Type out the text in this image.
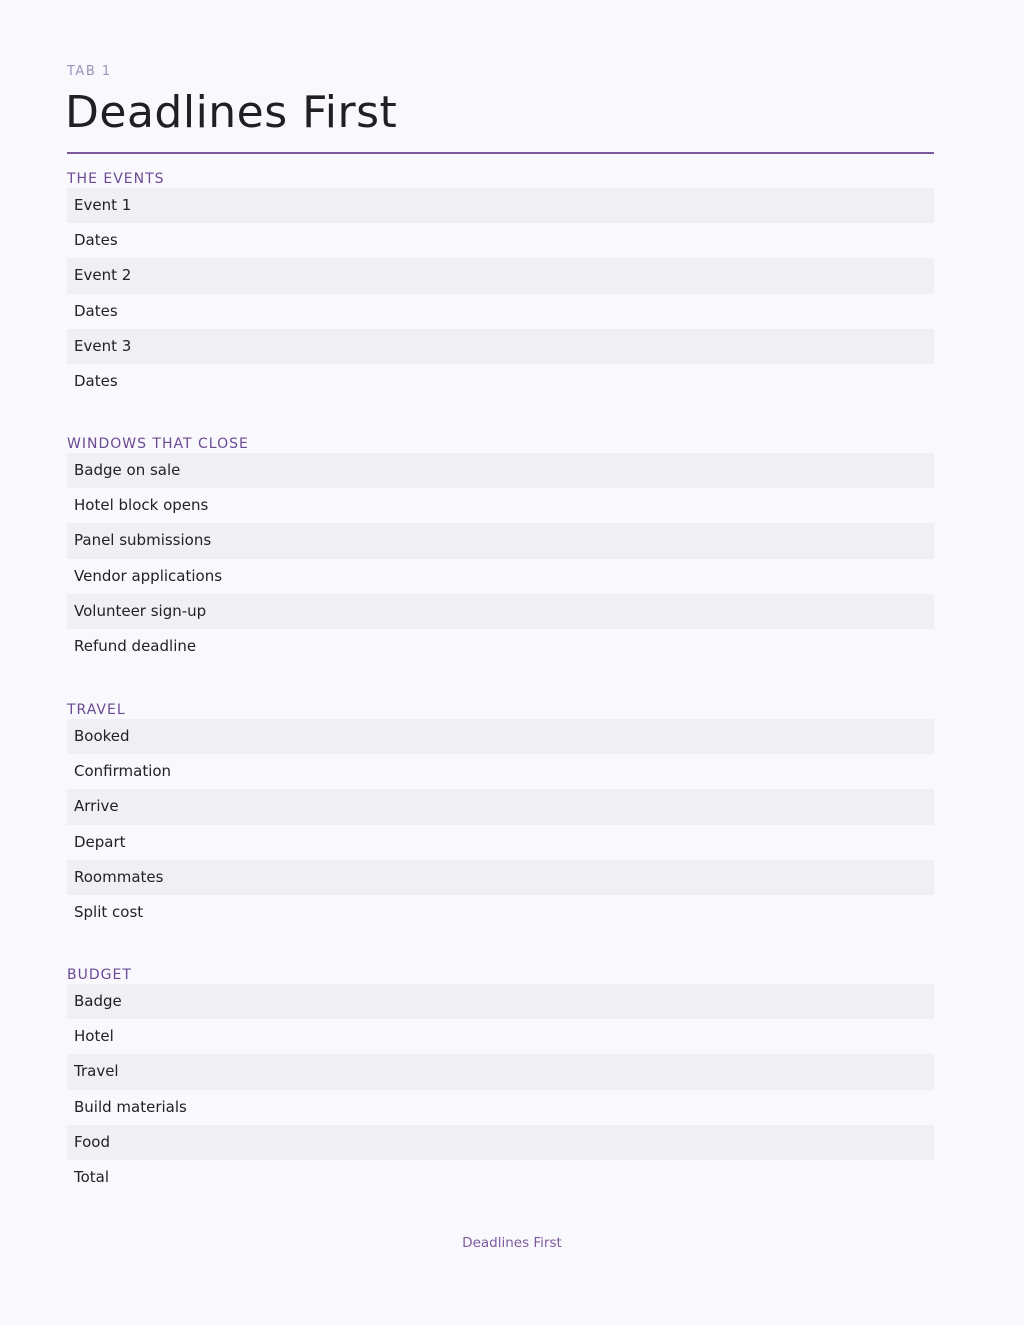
TAB 1
Deadlines First
THE EVENTS
Event 1
Dates
Event 2
Dates
Event 3
Dates
WINDOWS THAT CLOSE
Badge on sale
Hotel block opens
Panel submissions
Vendor applications
Volunteer sign-up
Refund deadline
TRAVEL
Booked
Confirmation
Arrive
Depart
Roommates
Split cost
BUDGET
Badge
Hotel
Travel
Build materials
Food
Total
Deadlines First
